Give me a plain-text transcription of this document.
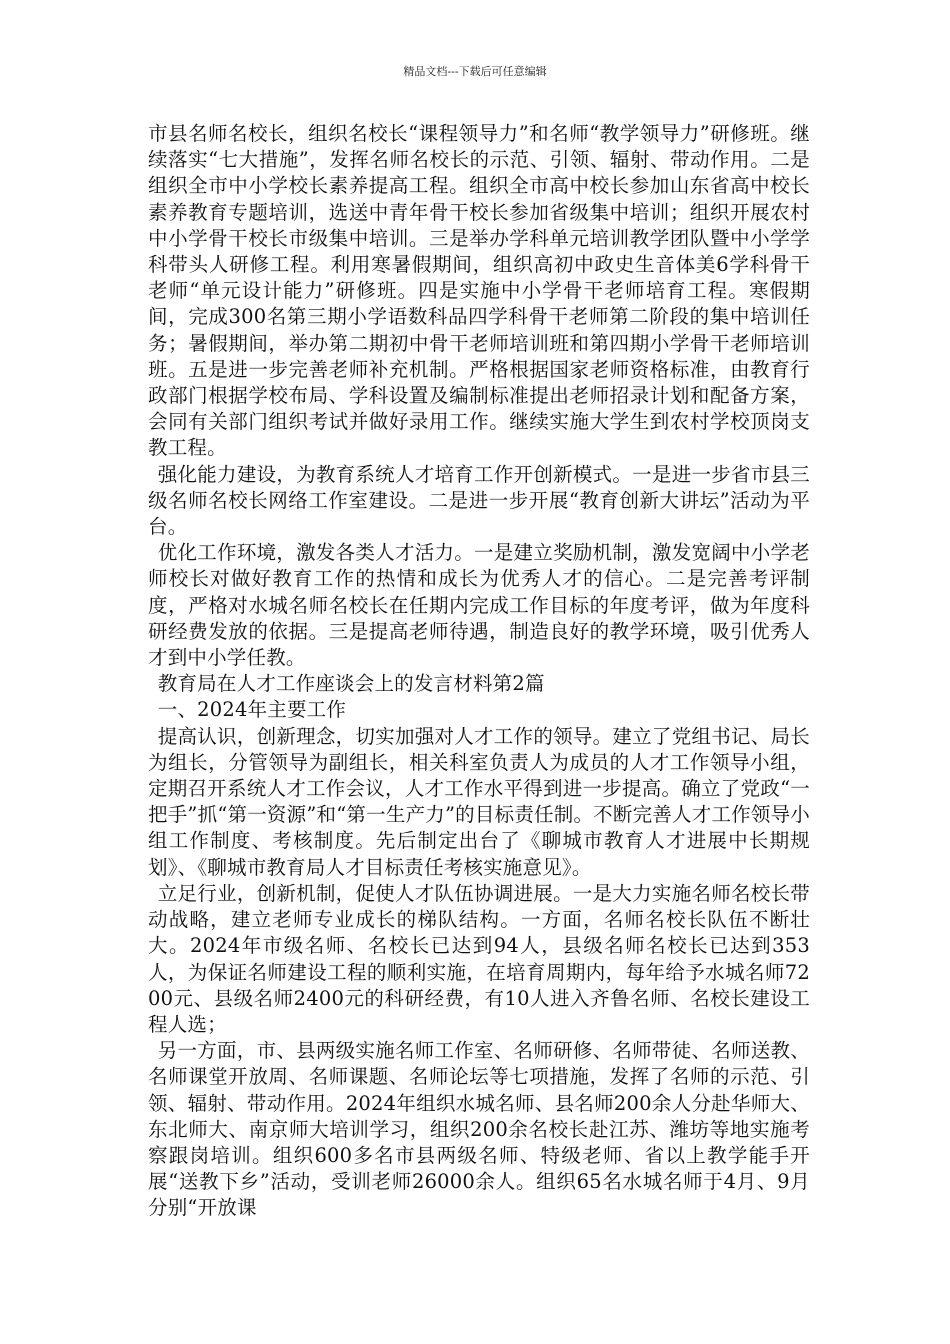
精品文档---下载后可任意编辑

市县名师名校长，组织名校长“课程领导力”和名师“教学领导力”研修班。继续落实“七大措施”，发挥名师名校长的示范、引领、辐射、带动作用。二是组织全市中小学校长素养提高工程。组织全市高中校长参加山东省高中校长素养教育专题培训，选送中青年骨干校长参加省级集中培训；组织开展农村中小学骨干校长市级集中培训。三是举办学科单元培训教学团队暨中小学学科带头人研修工程。利用寒暑假期间，组织高初中政史生音体美6学科骨干老师“单元设计能力”研修班。四是实施中小学骨干老师培育工程。寒假期间，完成300名第三期小学语数科品四学科骨干老师第二阶段的集中培训任务；暑假期间，举办第二期初中骨干老师培训班和第四期小学骨干老师培训班。五是进一步完善老师补充机制。严格根据国家老师资格标准，由教育行政部门根据学校布局、学科设置及编制标准提出老师招录计划和配备方案，会同有关部门组织考试并做好录用工作。继续实施大学生到农村学校顶岗支教工程。

强化能力建设，为教育系统人才培育工作开创新模式。一是进一步省市县三级名师名校长网络工作室建设。二是进一步开展“教育创新大讲坛”活动为平台。

优化工作环境，激发各类人才活力。一是建立奖励机制，激发宽阔中小学老师校长对做好教育工作的热情和成长为优秀人才的信心。二是完善考评制度，严格对水城名师名校长在任期内完成工作目标的年度考评，做为年度科研经费发放的依据。三是提高老师待遇，制造良好的教学环境，吸引优秀人才到中小学任教。

教育局在人才工作座谈会上的发言材料第2篇

一、2024年主要工作

提高认识，创新理念，切实加强对人才工作的领导。建立了党组书记、局长为组长，分管领导为副组长，相关科室负责人为成员的人才工作领导小组，定期召开系统人才工作会议，人才工作水平得到进一步提高。确立了党政“一把手”抓“第一资源”和“第一生产力”的目标责任制。不断完善人才工作领导小组工作制度、考核制度。先后制定出台了《聊城市教育人才进展中长期规划》、《聊城市教育局人才目标责任考核实施意见》。

立足行业，创新机制，促使人才队伍协调进展。一是大力实施名师名校长带动战略，建立老师专业成长的梯队结构。一方面，名师名校长队伍不断壮大。2024年市级名师、名校长已达到94人，县级名师名校长已达到353人，为保证名师建设工程的顺利实施，在培育周期内，每年给予水城名师7200元、县级名师2400元的科研经费，有10人进入齐鲁名师、名校长建设工程人选；

另一方面，市、县两级实施名师工作室、名师研修、名师带徒、名师送教、名师课堂开放周、名师课题、名师论坛等七项措施，发挥了名师的示范、引领、辐射、带动作用。2024年组织水城名师、县名师200余人分赴华师大、东北师大、南京师大培训学习，组织200余名校长赴江苏、潍坊等地实施考察跟岗培训。组织600多名市县两级名师、特级老师、省以上教学能手开展“送教下乡”活动，受训老师26000余人。组织65名水城名师于4月、9月分别“开放课
